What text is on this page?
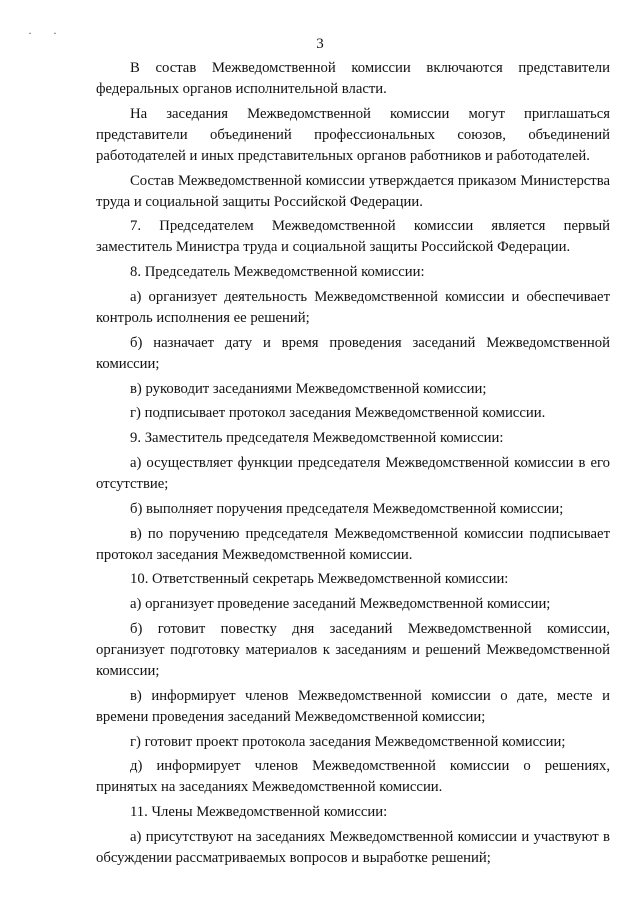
· ·
3

В состав Межведомственной комиссии включаются представители федеральных органов исполнительной власти.

На заседания Межведомственной комиссии могут приглашаться представители объединений профессиональных союзов, объединений работодателей и иных представительных органов работников и работодателей.

Состав Межведомственной комиссии утверждается приказом Министерства труда и социальной защиты Российской Федерации.

7. Председателем Межведомственной комиссии является первый заместитель Министра труда и социальной защиты Российской Федерации.

8. Председатель Межведомственной комиссии:

а) организует деятельность Межведомственной комиссии и обеспечивает контроль исполнения ее решений;

б) назначает дату и время проведения заседаний Межведомственной комиссии;

в) руководит заседаниями Межведомственной комиссии;

г) подписывает протокол заседания Межведомственной комиссии.

9. Заместитель председателя Межведомственной комиссии:

а) осуществляет функции председателя Межведомственной комиссии в его отсутствие;

б) выполняет поручения председателя Межведомственной комиссии;

в) по поручению председателя Межведомственной комиссии подписывает протокол заседания Межведомственной комиссии.

10. Ответственный секретарь Межведомственной комиссии:

а) организует проведение заседаний Межведомственной комиссии;

б) готовит повестку дня заседаний Межведомственной комиссии, организует подготовку материалов к заседаниям и решений Межведомственной комиссии;

в) информирует членов Межведомственной комиссии о дате, месте и времени проведения заседаний Межведомственной комиссии;

г) готовит проект протокола заседания Межведомственной комиссии;

д) информирует членов Межведомственной комиссии о решениях, принятых на заседаниях Межведомственной комиссии.

11. Члены Межведомственной комиссии:

а) присутствуют на заседаниях Межведомственной комиссии и участвуют в обсуждении рассматриваемых вопросов и выработке решений;
